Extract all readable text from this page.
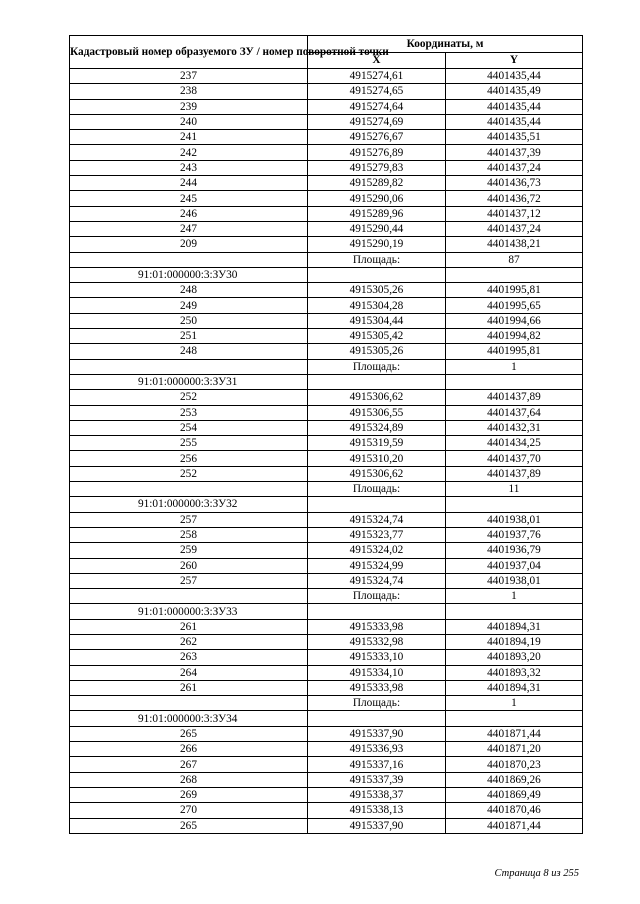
Кадастровый номер образуемого ЗУ / номер поворотной точки	Координаты, м	
	X	Y
237	4915274,61	4401435,44
238	4915274,65	4401435,49
239	4915274,64	4401435,44
240	4915274,69	4401435,44
241	4915276,67	4401435,51
242	4915276,89	4401437,39
243	4915279,83	4401437,24
244	4915289,82	4401436,73
245	4915290,06	4401436,72
246	4915289,96	4401437,12
247	4915290,44	4401437,24
209	4915290,19	4401438,21
	Площадь:	87
91:01:000000:3:ЗУ30		
248	4915305,26	4401995,81
249	4915304,28	4401995,65
250	4915304,44	4401994,66
251	4915305,42	4401994,82
248	4915305,26	4401995,81
	Площадь:	1
91:01:000000:3:ЗУ31		
252	4915306,62	4401437,89
253	4915306,55	4401437,64
254	4915324,89	4401432,31
255	4915319,59	4401434,25
256	4915310,20	4401437,70
252	4915306,62	4401437,89
	Площадь:	11
91:01:000000:3:ЗУ32		
257	4915324,74	4401938,01
258	4915323,77	4401937,76
259	4915324,02	4401936,79
260	4915324,99	4401937,04
257	4915324,74	4401938,01
	Площадь:	1
91:01:000000:3:ЗУ33		
261	4915333,98	4401894,31
262	4915332,98	4401894,19
263	4915333,10	4401893,20
264	4915334,10	4401893,32
261	4915333,98	4401894,31
	Площадь:	1
91:01:000000:3:ЗУ34		
265	4915337,90	4401871,44
266	4915336,93	4401871,20
267	4915337,16	4401870,23
268	4915337,39	4401869,26
269	4915338,37	4401869,49
270	4915338,13	4401870,46
265	4915337,90	4401871,44
Страница 8 из 255
